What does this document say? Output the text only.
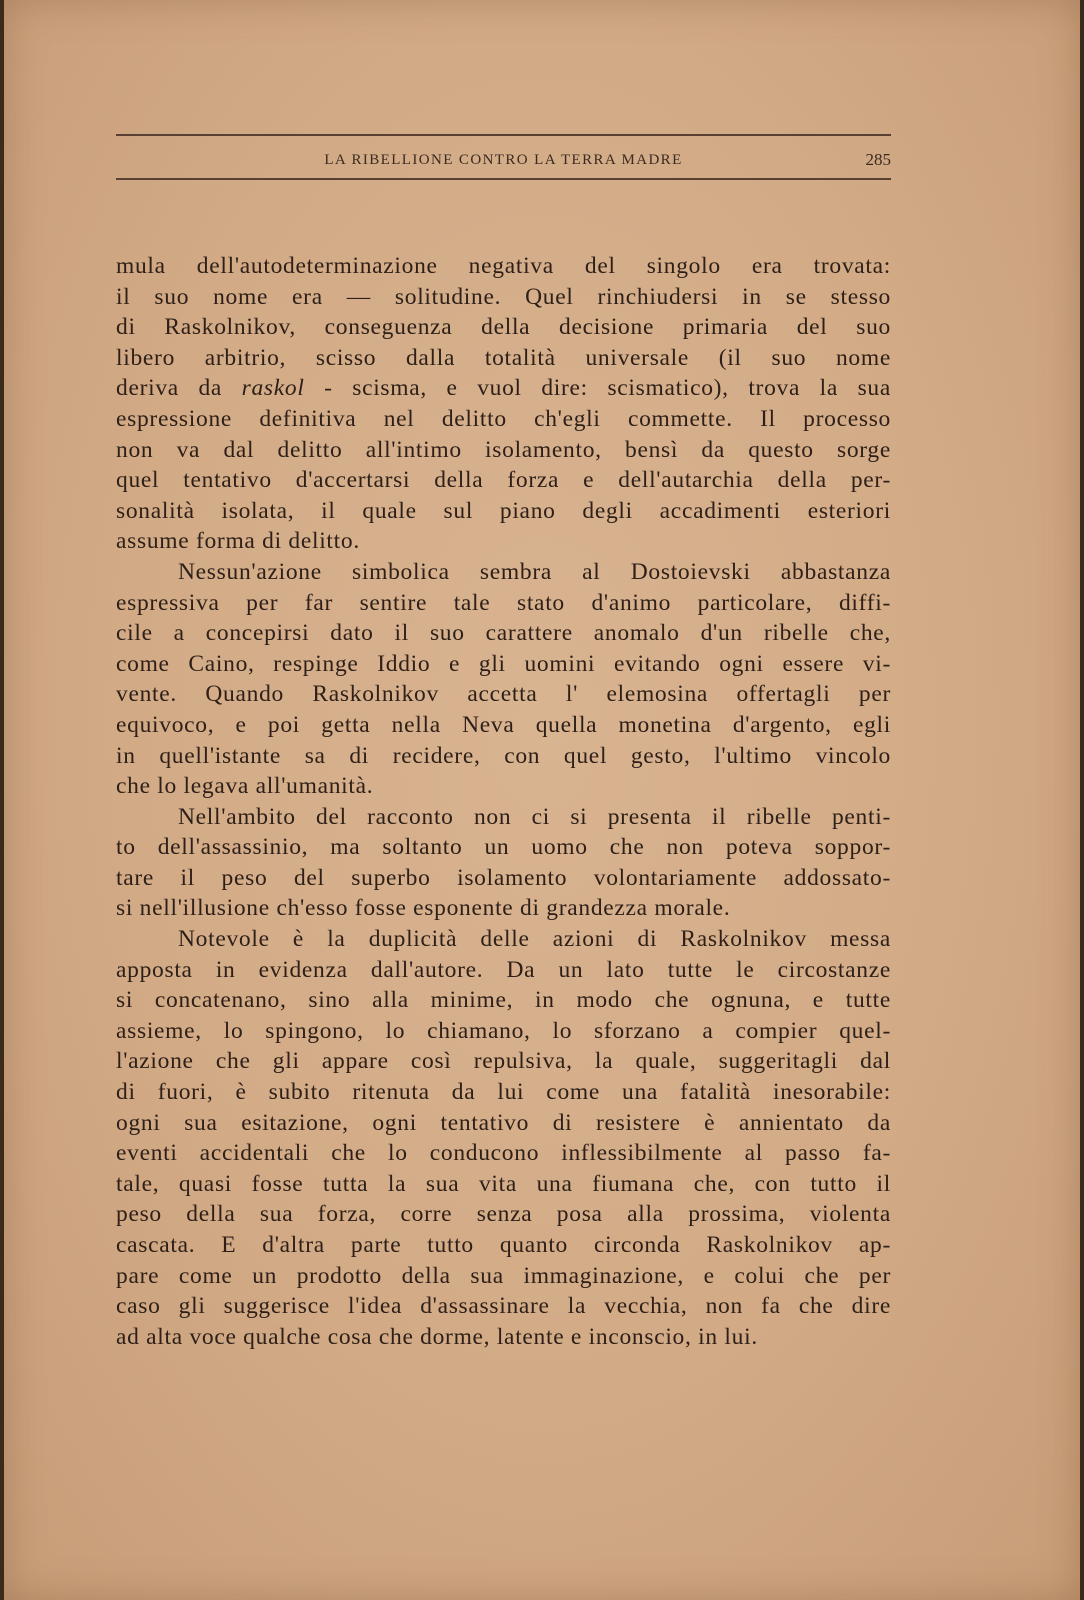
LA RIBELLIONE CONTRO LA TERRA MADRE	285
mula dell'autodeterminazione negativa del singolo era trovata:
il suo nome era — solitudine. Quel rinchiudersi in se stesso
di Raskolnikov, conseguenza della decisione primaria del suo
libero arbitrio, scisso dalla totalità universale (il suo nome
deriva da raskol - scisma, e vuol dire: scismatico), trova la sua
espressione definitiva nel delitto ch'egli commette. Il processo
non va dal delitto all'intimo isolamento, bensì da questo sorge
quel tentativo d'accertarsi della forza e dell'autarchia della per-
sonalità isolata, il quale sul piano degli accadimenti esteriori
assume forma di delitto.
Nessun'azione simbolica sembra al Dostoievski abbastanza
espressiva per far sentire tale stato d'animo particolare, diffi-
cile a concepirsi dato il suo carattere anomalo d'un ribelle che,
come Caino, respinge Iddio e gli uomini evitando ogni essere vi-
vente. Quando Raskolnikov accetta l' elemosina offertagli per
equivoco, e poi getta nella Neva quella monetina d'argento, egli
in quell'istante sa di recidere, con quel gesto, l'ultimo vincolo
che lo legava all'umanità.
Nell'ambito del racconto non ci si presenta il ribelle penti-
to dell'assassinio, ma soltanto un uomo che non poteva soppor-
tare il peso del superbo isolamento volontariamente addossato-
si nell'illusione ch'esso fosse esponente di grandezza morale.
Notevole è la duplicità delle azioni di Raskolnikov messa
apposta in evidenza dall'autore. Da un lato tutte le circostanze
si concatenano, sino alla minime, in modo che ognuna, e tutte
assieme, lo spingono, lo chiamano, lo sforzano a compier quel-
l'azione che gli appare così repulsiva, la quale, suggeritagli dal
di fuori, è subito ritenuta da lui come una fatalità inesorabile:
ogni sua esitazione, ogni tentativo di resistere è annientato da
eventi accidentali che lo conducono inflessibilmente al passo fa-
tale, quasi fosse tutta la sua vita una fiumana che, con tutto il
peso della sua forza, corre senza posa alla prossima, violenta
cascata. E d'altra parte tutto quanto circonda Raskolnikov ap-
pare come un prodotto della sua immaginazione, e colui che per
caso gli suggerisce l'idea d'assassinare la vecchia, non fa che dire
ad alta voce qualche cosa che dorme, latente e inconscio, in lui.
